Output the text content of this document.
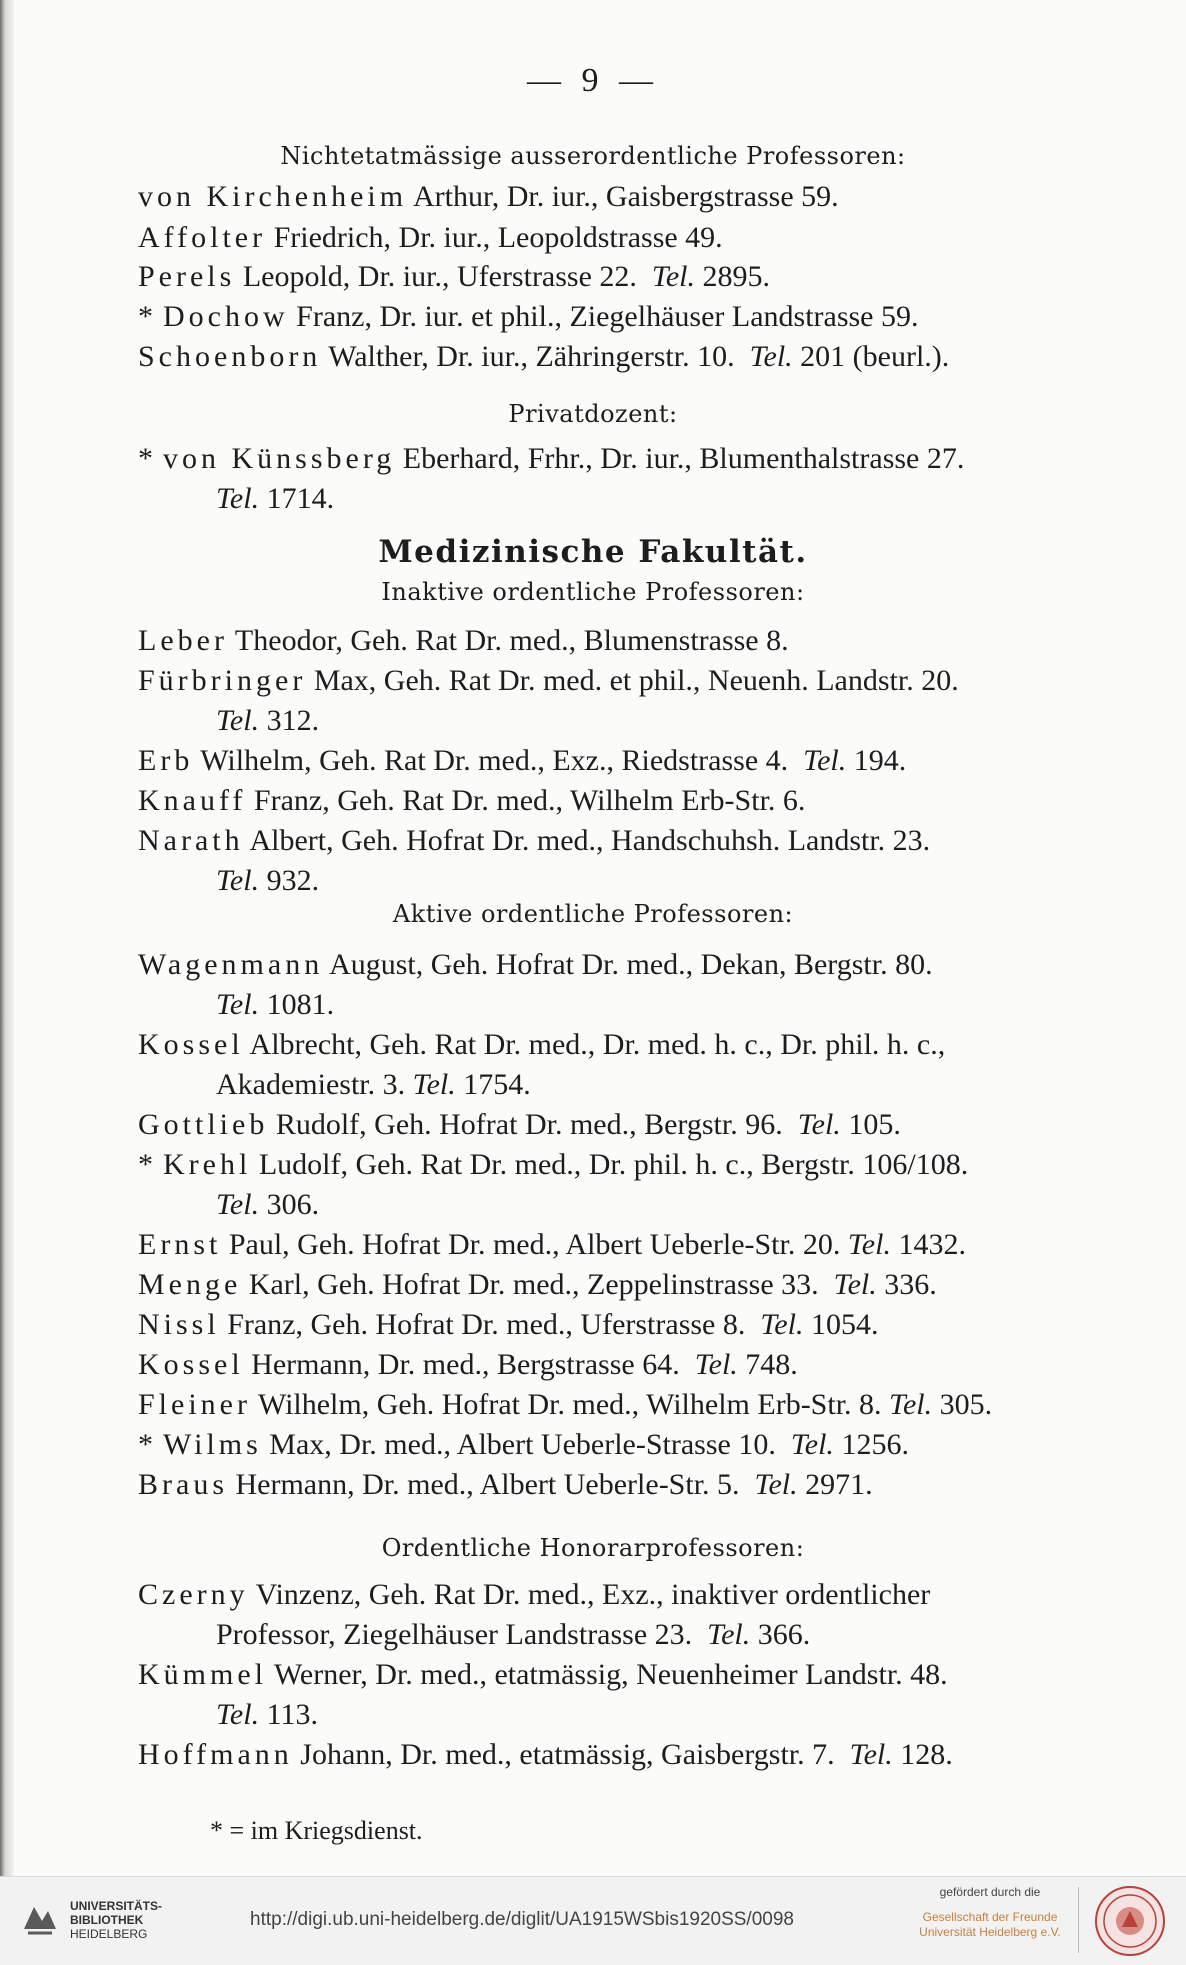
— 9 —
Nichtetatmässige ausserordentliche Professoren:
von Kirchenheim Arthur, Dr. iur., Gaisbergstrasse 59.
Affolter Friedrich, Dr. iur., Leopoldstrasse 49.
Perels Leopold, Dr. iur., Uferstrasse 22. Tel. 2895.
* Dochow Franz, Dr. iur. et phil., Ziegelhäuser Landstrasse 59.
Schoenborn Walther, Dr. iur., Zähringerstr. 10. Tel. 201 (beurl.).
Privatdozent:
* von Künssberg Eberhard, Frhr., Dr. iur., Blumenthalstrasse 27.
Tel. 1714.
Medizinische Fakultät.
Inaktive ordentliche Professoren:
Leber Theodor, Geh. Rat Dr. med., Blumenstrasse 8.
Fürbringer Max, Geh. Rat Dr. med. et phil., Neuenh. Landstr. 20.
Tel. 312.
Erb Wilhelm, Geh. Rat Dr. med., Exz., Riedstrasse 4. Tel. 194.
Knauff Franz, Geh. Rat Dr. med., Wilhelm Erb-Str. 6.
Narath Albert, Geh. Hofrat Dr. med., Handschuhsh. Landstr. 23.
Tel. 932.
Aktive ordentliche Professoren:
Wagenmann August, Geh. Hofrat Dr. med., Dekan, Bergstr. 80.
Tel. 1081.
Kossel Albrecht, Geh. Rat Dr. med., Dr. med. h. c., Dr. phil. h. c.,
Akademiestr. 3. Tel. 1754.
Gottlieb Rudolf, Geh. Hofrat Dr. med., Bergstr. 96. Tel. 105.
* Krehl Ludolf, Geh. Rat Dr. med., Dr. phil. h. c., Bergstr. 106/108.
Tel. 306.
Ernst Paul, Geh. Hofrat Dr. med., Albert Ueberle-Str. 20. Tel. 1432.
Menge Karl, Geh. Hofrat Dr. med., Zeppelinstrasse 33. Tel. 336.
Nissl Franz, Geh. Hofrat Dr. med., Uferstrasse 8. Tel. 1054.
Kossel Hermann, Dr. med., Bergstrasse 64. Tel. 748.
Fleiner Wilhelm, Geh. Hofrat Dr. med., Wilhelm Erb-Str. 8. Tel. 305.
* Wilms Max, Dr. med., Albert Ueberle-Strasse 10. Tel. 1256.
Braus Hermann, Dr. med., Albert Ueberle-Str. 5. Tel. 2971.
Ordentliche Honorarprofessoren:
Czerny Vinzenz, Geh. Rat Dr. med., Exz., inaktiver ordentlicher
Professor, Ziegelhäuser Landstrasse 23. Tel. 366.
Kümmel Werner, Dr. med., etatmässig, Neuenheimer Landstr. 48.
Tel. 113.
Hoffmann Johann, Dr. med., etatmässig, Gaisbergstr. 7. Tel. 128.
* = im Kriegsdienst.
UNIVERSITÄTS-
BIBLIOTHEK
HEIDELBERG
http://digi.ub.uni-heidelberg.de/diglit/UA1915WSbis1920SS/0098
gefördert durch die
Gesellschaft der Freunde
Universität Heidelberg e.V.
